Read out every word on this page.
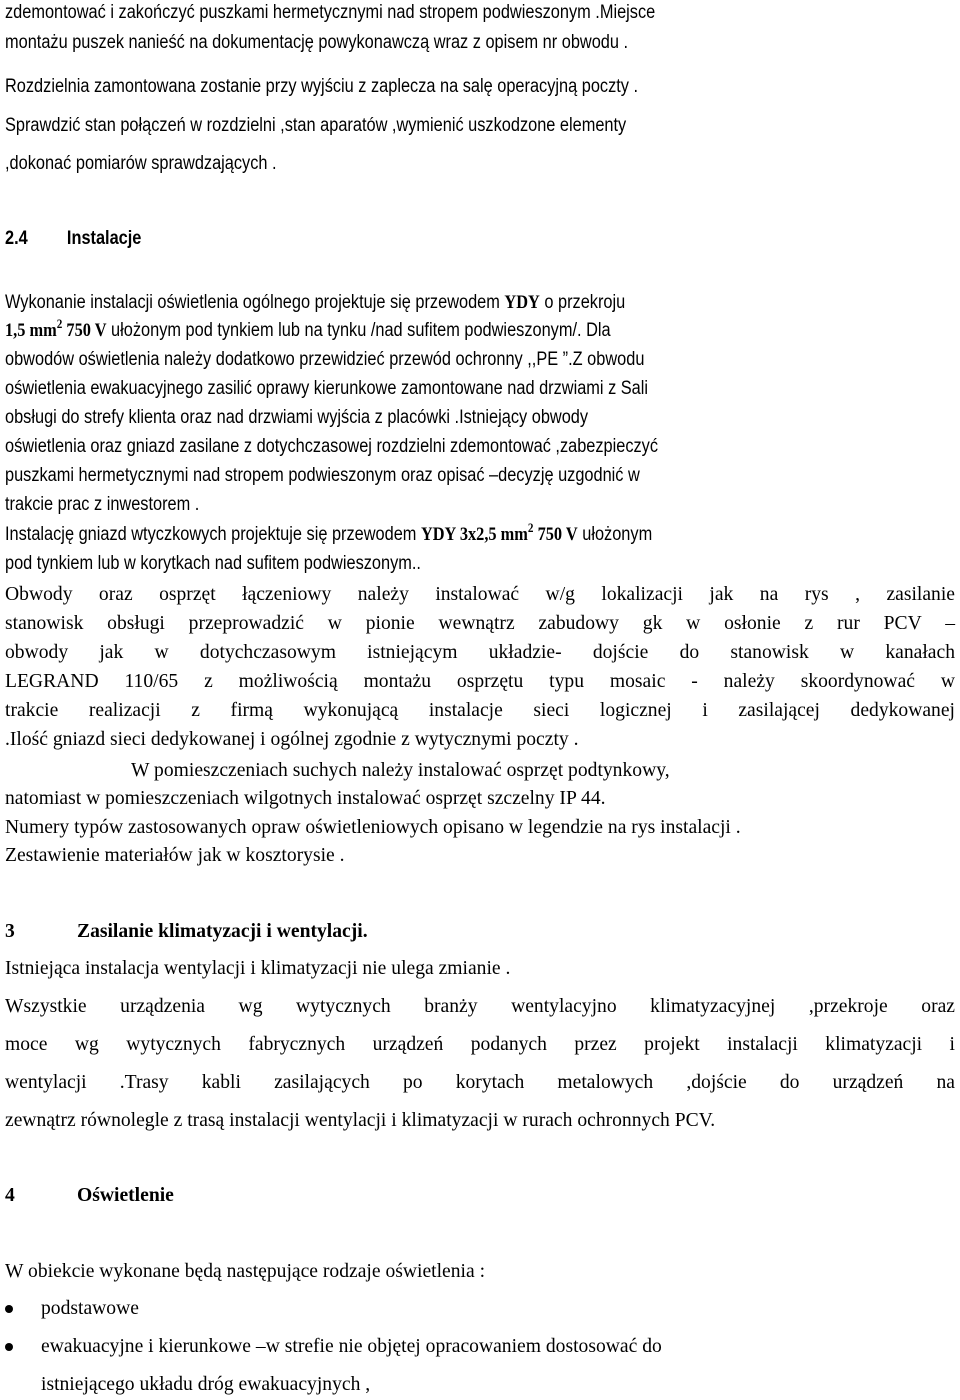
zdemontować i zakończyć puszkami hermetycznymi nad stropem podwieszonym .Miejsce
montażu puszek nanieść na dokumentację powykonawczą wraz z opisem nr obwodu .
Rozdzielnia zamontowana zostanie przy wyjściu z zaplecza na salę operacyjną poczty .
Sprawdzić stan połączeń w rozdzielni ,stan aparatów ,wymienić uszkodzone elementy
,dokonać pomiarów sprawdzających .
2.4 Instalacje
Wykonanie instalacji oświetlenia ogólnego projektuje się przewodem YDY o przekroju
1,5 $mm^2$ 750 V ułożonym pod tynkiem lub na tynku /nad sufitem podwieszonym/. Dla
obwodów oświetlenia należy dodatkowo przewidzieć przewód ochronny ,,PE ”.Z obwodu
oświetlenia ewakuacyjnego zasilić oprawy kierunkowe zamontowane nad drzwiami z Sali
obsługi do strefy klienta oraz nad drzwiami wyjścia z placówki .Istniejący obwody
oświetlenia oraz gniazd zasilane z dotychczasowej rozdzielni zdemontować ,zabezpieczyć
puszkami hermetycznymi nad stropem podwieszonym oraz opisać –decyzję uzgodnić w
trakcie prac z inwestorem .
Instalację gniazd wtyczkowych projektuje się przewodem YDY 3x2,5 $mm^2$ 750 V ułożonym
pod tynkiem lub w korytkach nad sufitem podwieszonym..
Obwody oraz osprzęt łączeniowy należy instalować w/g lokalizacji jak na rys , zasilanie
stanowisk obsługi przeprowadzić w pionie wewnątrz zabudowy gk w osłonie z rur PCV –
obwody jak w dotychczasowym istniejącym układzie- dojście do stanowisk w kanałach
LEGRAND 110/65 z możliwością montażu osprzętu typu mosaic - należy skoordynować w
trakcie realizacji z firmą wykonującą instalacje sieci logicznej i zasilającej dedykowanej
.Ilość gniazd sieci dedykowanej i ogólnej zgodnie z wytycznymi poczty .
W pomieszczeniach suchych należy instalować osprzęt podtynkowy,
natomiast w pomieszczeniach wilgotnych instalować osprzęt szczelny IP 44.
Numery typów zastosowanych opraw oświetleniowych opisano w legendzie na rys instalacji .
Zestawienie materiałów jak w kosztorysie .
3	Zasilanie klimatyzacji i wentylacji.
Istniejąca instalacja wentylacji i klimatyzacji nie ulega zmianie .
Wszystkie urządzenia wg wytycznych branży wentylacyjno klimatyzacyjnej ,przekroje oraz
moce wg wytycznych fabrycznych urządzeń podanych przez projekt instalacji klimatyzacji i
wentylacji .Trasy kabli zasilających po korytach metalowych ,dojście do urządzeń na
zewnątrz równolegle z trasą instalacji wentylacji i klimatyzacji w rurach ochronnych PCV.
4	Oświetlenie
W obiekcie wykonane będą następujące rodzaje oświetlenia :
podstawowe
ewakuacyjne i kierunkowe –w strefie nie objętej opracowaniem dostosować do
istniejącego układu dróg ewakuacyjnych ,
